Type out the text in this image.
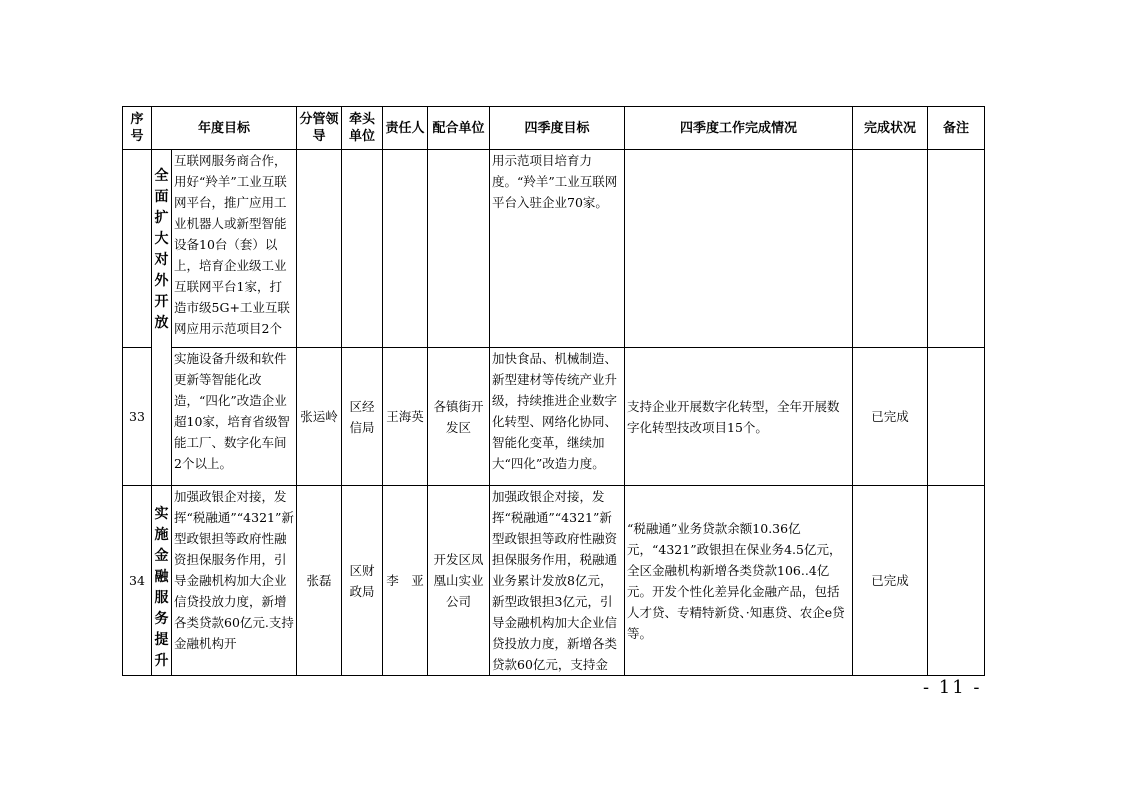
序号	年度目标		分管领导	牵头单位	责任人	配合单位	四季度目标	四季度工作完成情况	完成状况	备注

	全面扩大对外开放	互联网服务商合作，用好“羚羊”工业互联网平台，推广应用工业机器人或新型智能设备10台（套）以上，培育企业级工业互联网平台1家，打造市级5G+工业互联网应用示范项目2个					用示范项目培育力度。“羚羊”工业互联网平台入驻企业70家。			
33		实施设备升级和软件更新等智能化改造，“四化”改造企业超10家，培育省级智能工厂、数字化车间2个以上。	张运岭	区经信局	王海英	各镇街开发区	加快食品、机械制造、新型建材等传统产业升级，持续推进企业数字化转型、网络化协同、智能化变革，继续加大“四化”改造力度。	支持企业开展数字化转型，全年开展数字化转型技改项目15个。	已完成	
34	实施金融服务提升	加强政银企对接，发挥“税融通”“4321”新型政银担等政府性融资担保服务作用，引导金融机构加大企业信贷投放力度，新增各类贷款60亿元.支持金融机构开	张磊	区财政局	李　亚	开发区凤凰山实业公司	加强政银企对接，发挥“税融通”“4321”新型政银担等政府性融资担保服务作用，税融通业务累计发放8亿元，新型政银担3亿元，引导金融机构加大企业信贷投放力度，新增各类贷款60亿元，支持金	“税融通”业务贷款余额10.36亿元，“4321”政银担在保业务4.5亿元，全区金融机构新增各类贷款106..4亿元。开发个性化差异化金融产品，包括人才贷、专精特新贷、·知惠贷、农企e贷等。	已完成	
- 11 -
